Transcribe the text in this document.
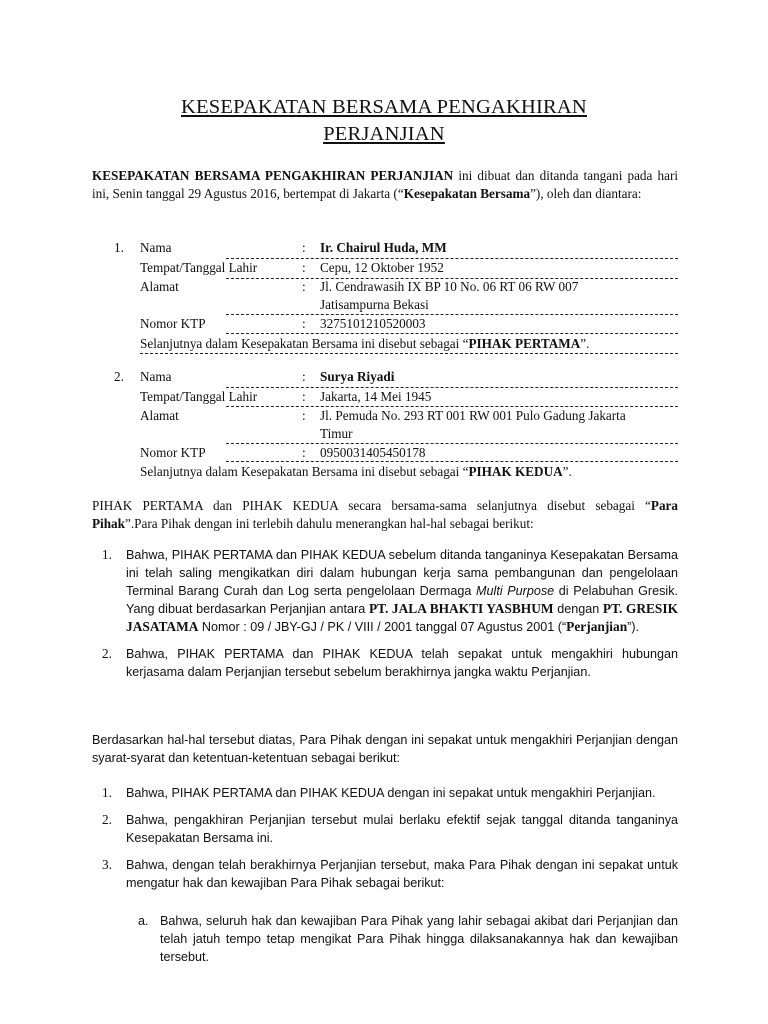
KESEPAKATAN BERSAMA PENGAKHIRAN
PERJANJIAN
KESEPAKATAN BERSAMA PENGAKHIRAN PERJANJIAN ini dibuat dan ditanda tangani pada hari ini, Senin tanggal 29 Agustus 2016, bertempat di Jakarta (“Kesepakatan Bersama”), oleh dan diantara:
1. Nama	: Ir. Chairul Huda, MM
Tempat/Tanggal Lahir	: Cepu, 12 Oktober 1952
Alamat	: Jl. Cendrawasih IX BP 10 No. 06 RT 06 RW 007
Jatisampurna Bekasi
Nomor KTP	: 3275101210520003
Selanjutnya dalam Kesepakatan Bersama ini disebut sebagai “PIHAK PERTAMA”.
2. Nama	: Surya Riyadi
Tempat/Tanggal Lahir	: Jakarta, 14 Mei 1945
Alamat	: Jl. Pemuda No. 293 RT 001 RW 001 Pulo Gadung Jakarta
Timur
Nomor KTP	: 0950031405450178
Selanjutnya dalam Kesepakatan Bersama ini disebut sebagai “PIHAK KEDUA”.
PIHAK PERTAMA dan PIHAK KEDUA secara bersama-sama selanjutnya disebut sebagai “Para Pihak”.Para Pihak dengan ini terlebih dahulu menerangkan hal-hal sebagai berikut:
1. Bahwa, PIHAK PERTAMA dan PIHAK KEDUA sebelum ditanda tanganinya Kesepakatan Bersama ini telah saling mengikatkan diri dalam hubungan kerja sama pembangunan dan pengelolaan Terminal Barang Curah dan Log serta pengelolaan Dermaga Multi Purpose di Pelabuhan Gresik. Yang dibuat berdasarkan Perjanjian antara PT. JALA BHAKTI YASBHUM dengan PT. GRESIK JASATAMA Nomor : 09 / JBY-GJ / PK / VIII / 2001 tanggal 07 Agustus 2001 (“Perjanjian”).
2. Bahwa, PIHAK PERTAMA dan PIHAK KEDUA telah sepakat untuk mengakhiri hubungan kerjasama dalam Perjanjian tersebut sebelum berakhirnya jangka waktu Perjanjian.
Berdasarkan hal-hal tersebut diatas, Para Pihak dengan ini sepakat untuk mengakhiri Perjanjian dengan syarat-syarat dan ketentuan-ketentuan sebagai berikut:
1. Bahwa, PIHAK PERTAMA dan PIHAK KEDUA dengan ini sepakat untuk mengakhiri Perjanjian.
2. Bahwa, pengakhiran Perjanjian tersebut mulai berlaku efektif sejak tanggal ditanda tanganinya Kesepakatan Bersama ini.
3. Bahwa, dengan telah berakhirnya Perjanjian tersebut, maka Para Pihak dengan ini sepakat untuk mengatur hak dan kewajiban Para Pihak sebagai berikut:
a. Bahwa, seluruh hak dan kewajiban Para Pihak yang lahir sebagai akibat dari Perjanjian dan telah jatuh tempo tetap mengikat Para Pihak hingga dilaksanakannya hak dan kewajiban tersebut.
